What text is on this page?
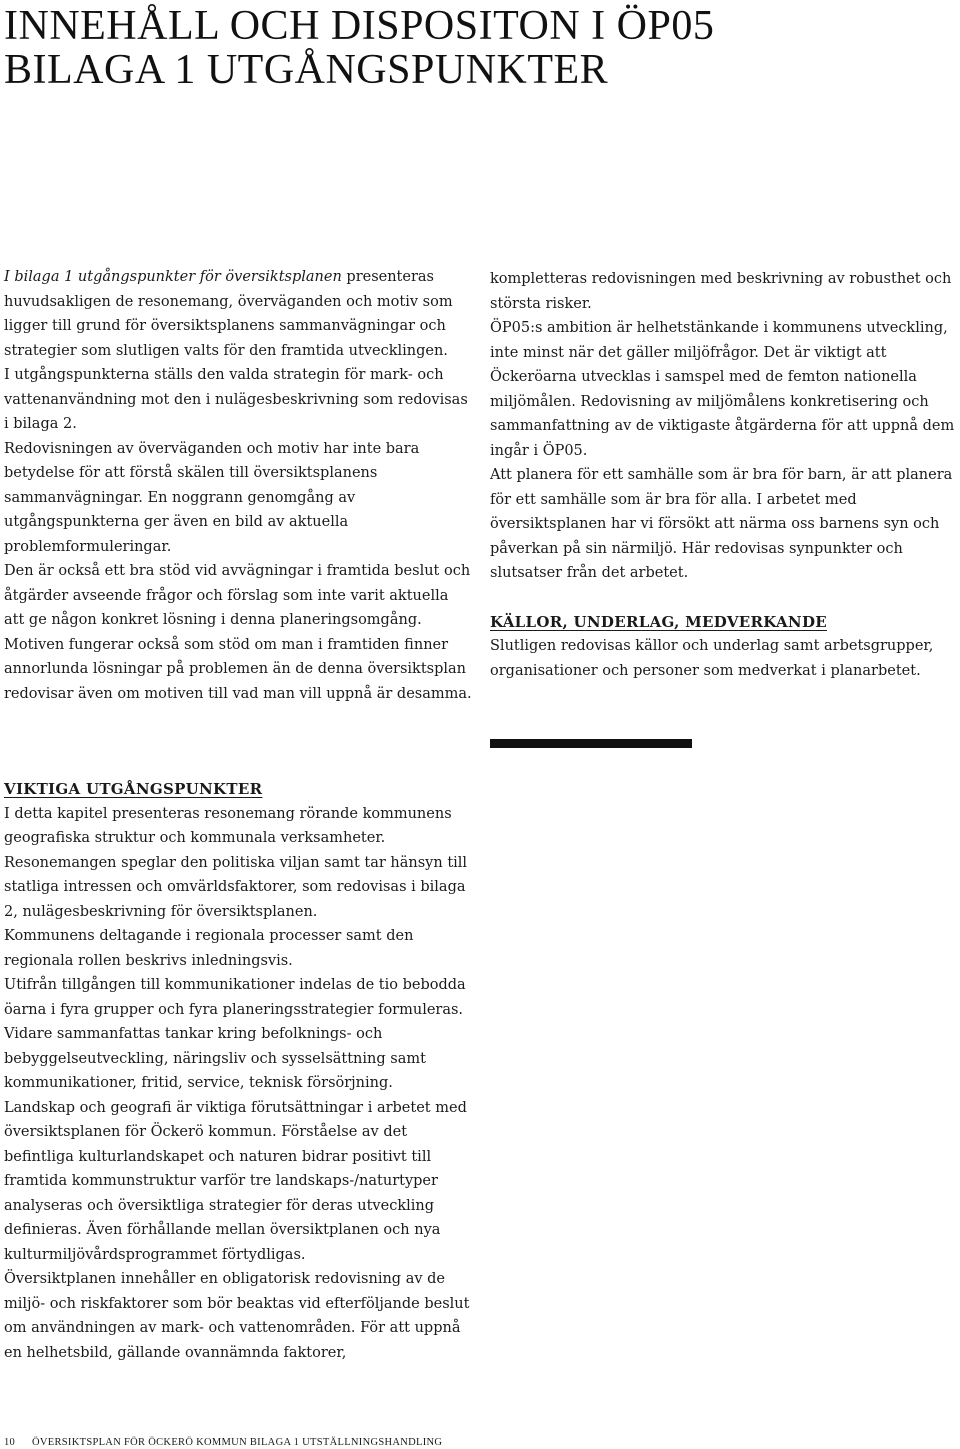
INNEHÅLL OCH DISPOSITON I ÖP05
BILAGA 1 UTGÅNGSPUNKTER

I bilaga 1 utgångspunkter för översiktsplanen presenteras huvudsakligen de resonemang, överväganden och motiv som ligger till grund för översiktsplanens sammanvägningar och strategier som slutligen valts för den framtida utvecklingen.

I utgångspunkterna ställs den valda strategin för mark- och vattenanvändning mot den i nulägesbeskrivning som redovisas i bilaga 2.

Redovisningen av överväganden och motiv har inte bara betydelse för att förstå skälen till översiktsplanens sammanvägningar. En noggrann genomgång av utgångspunkterna ger även en bild av aktuella problemformuleringar.

Den är också ett bra stöd vid avvägningar i framtida beslut och åtgärder avseende frågor och förslag som inte varit aktuella att ge någon konkret lösning i denna planeringsomgång. Motiven fungerar också som stöd om man i framtiden finner annorlunda lösningar på problemen än de denna översiktsplan redovisar även om motiven till vad man vill uppnå är desamma.

kompletteras redovisningen med beskrivning av robusthet och största risker.

ÖP05:s ambition är helhetstänkande i kommunens utveckling, inte minst när det gäller miljöfrågor. Det är viktigt att Öckeröarna utvecklas i samspel med de femton nationella miljömålen. Redovisning av miljömålens konkretisering och sammanfattning av de viktigaste åtgärderna för att uppnå dem ingår i ÖP05.

Att planera för ett samhälle som är bra för barn, är att planera för ett samhälle som är bra för alla. I arbetet med översiktsplanen har vi försökt att närma oss barnens syn och påverkan på sin närmiljö. Här redovisas synpunkter och slutsatser från det arbetet.

KÄLLOR, UNDERLAG, MEDVERKANDE

Slutligen redovisas källor och underlag samt arbetsgrupper, organisationer och personer som medverkat i planarbetet.

VIKTIGA UTGÅNGSPUNKTER

I detta kapitel presenteras resonemang rörande kommunens geografiska struktur och kommunala verksamheter.

Resonemangen speglar den politiska viljan samt tar hänsyn till statliga intressen och omvärldsfaktorer, som redovisas i bilaga 2, nulägesbeskrivning för översiktsplanen.

Kommunens deltagande i regionala processer samt den regionala rollen beskrivs inledningsvis.

Utifrån tillgången till kommunikationer indelas de tio bebodda öarna i fyra grupper och fyra planeringsstrategier formuleras.

Vidare sammanfattas tankar kring befolknings- och bebyggelseutveckling, näringsliv och sysselsättning samt kommunikationer, fritid, service, teknisk försörjning.

Landskap och geografi är viktiga förutsättningar i arbetet med översiktsplanen för Öckerö kommun. Förståelse av det befintliga kulturlandskapet och naturen bidrar positivt till framtida kommunstruktur varför tre landskaps-/naturtyper analyseras och översiktliga strategier för deras utveckling definieras. Även förhållande mellan översiktplanen och nya kulturmiljövårdsprogrammet förtydligas.

Översiktplanen innehåller en obligatorisk redovisning av de miljö- och riskfaktorer som bör beaktas vid efterföljande beslut om användningen av mark- och vattenområden. För att uppnå en helhetsbild, gällande ovannämnda faktorer,

10 ÖVERSIKTSPLAN FÖR ÖCKERÖ KOMMUN BILAGA 1 UTSTÄLLNINGSHANDLING
